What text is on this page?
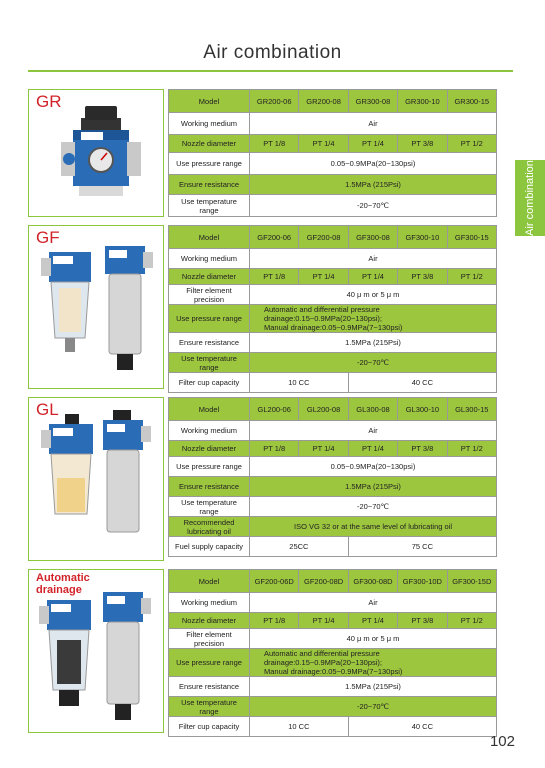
Air combination
Air combination
GR	Model	GR200-06	GR200-08	GR300-08	GR300-10	GR300-15
Working medium	Air				
Nozzle diameter	PT 1/8	PT 1/4	PT 1/4	PT 3/8	PT 1/2
Use pressure range	0.05~0.9MPa(20~130psi)				
Ensure resistance	1.5MPa (215Psi)				
Use temperature range	-20~70℃				
GF	Model	GF200-06	GF200-08	GF300-08	GF300-10	GF300-15
Working medium	Air				
Nozzle diameter	PT 1/8	PT 1/4	PT 1/4	PT 3/8	PT 1/2
Filter element precision	40 μ m or 5 μ m				
Use pressure range	Automatic and differential pressure drainage:0.15~0.9MPa(20~130psi);
Manual drainage:0.05~0.9MPa(7~130psi)				

Ensure resistance	1.5MPa (215Psi)				
Use temperature range	-20~70℃				
Filter cup capacity	10 CC		40 CC		
GL	Model	GL200-06	GL200-08	GL300-08	GL300-10	GL300-15
Working medium	Air				
Nozzle diameter	PT 1/8	PT 1/4	PT 1/4	PT 3/8	PT 1/2
Use pressure range	0.05~0.9MPa(20~130psi)				
Ensure resistance	1.5MPa (215Psi)				
Use temperature range	-20~70℃				
Recommended lubricating oil	ISO VG 32 or at the same level of lubricating oil				
Fuel supply capacity	25CC		75 CC		
Automatic
drainage
Model	GF200-06D	GF200-08D	GF300-08D	GF300-10D	GF300-15D
Working medium	Air				
Nozzle diameter	PT 1/8	PT 1/4	PT 1/4	PT 3/8	PT 1/2
Filter element precision	40 μ m or 5 μ m				
Use pressure range	Automatic and differential pressure drainage:0.15~0.9MPa(20~130psi);
Manual drainage:0.05~0.9MPa(7~130psi)				

Ensure resistance	1.5MPa (215Psi)				
Use temperature range	-20~70℃				
Filter cup capacity	10 CC		40 CC		
102
